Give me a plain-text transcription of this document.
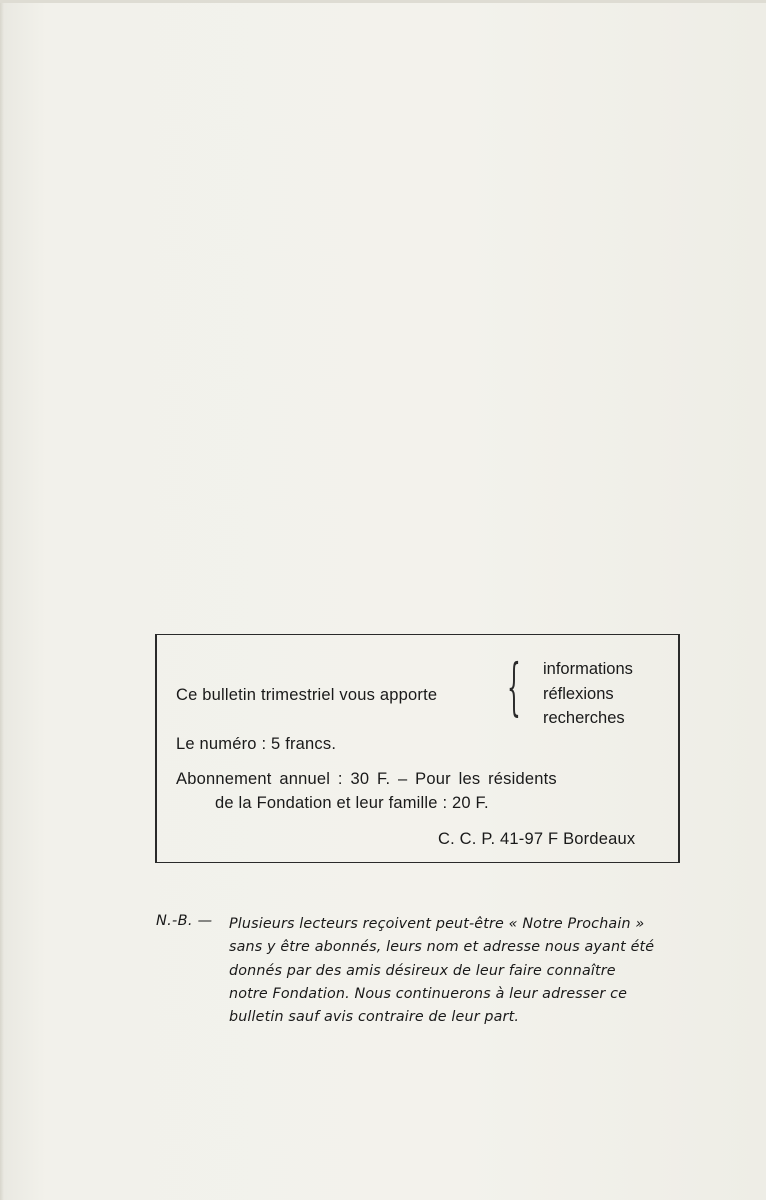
Ce bulletin trimestriel vous apporte { informations
réflexions
recherches
Le numéro : 5 francs.
Abonnement annuel : 30 F. – Pour les résidents
de la Fondation et leur famille : 20 F.
C. C. P. 41-97 F Bordeaux
N.-B. — Plusieurs lecteurs reçoivent peut-être « Notre Prochain »
sans y être abonnés, leurs nom et adresse nous ayant été
donnés par des amis désireux de leur faire connaître
notre Fondation. Nous continuerons à leur adresser ce
bulletin sauf avis contraire de leur part.
